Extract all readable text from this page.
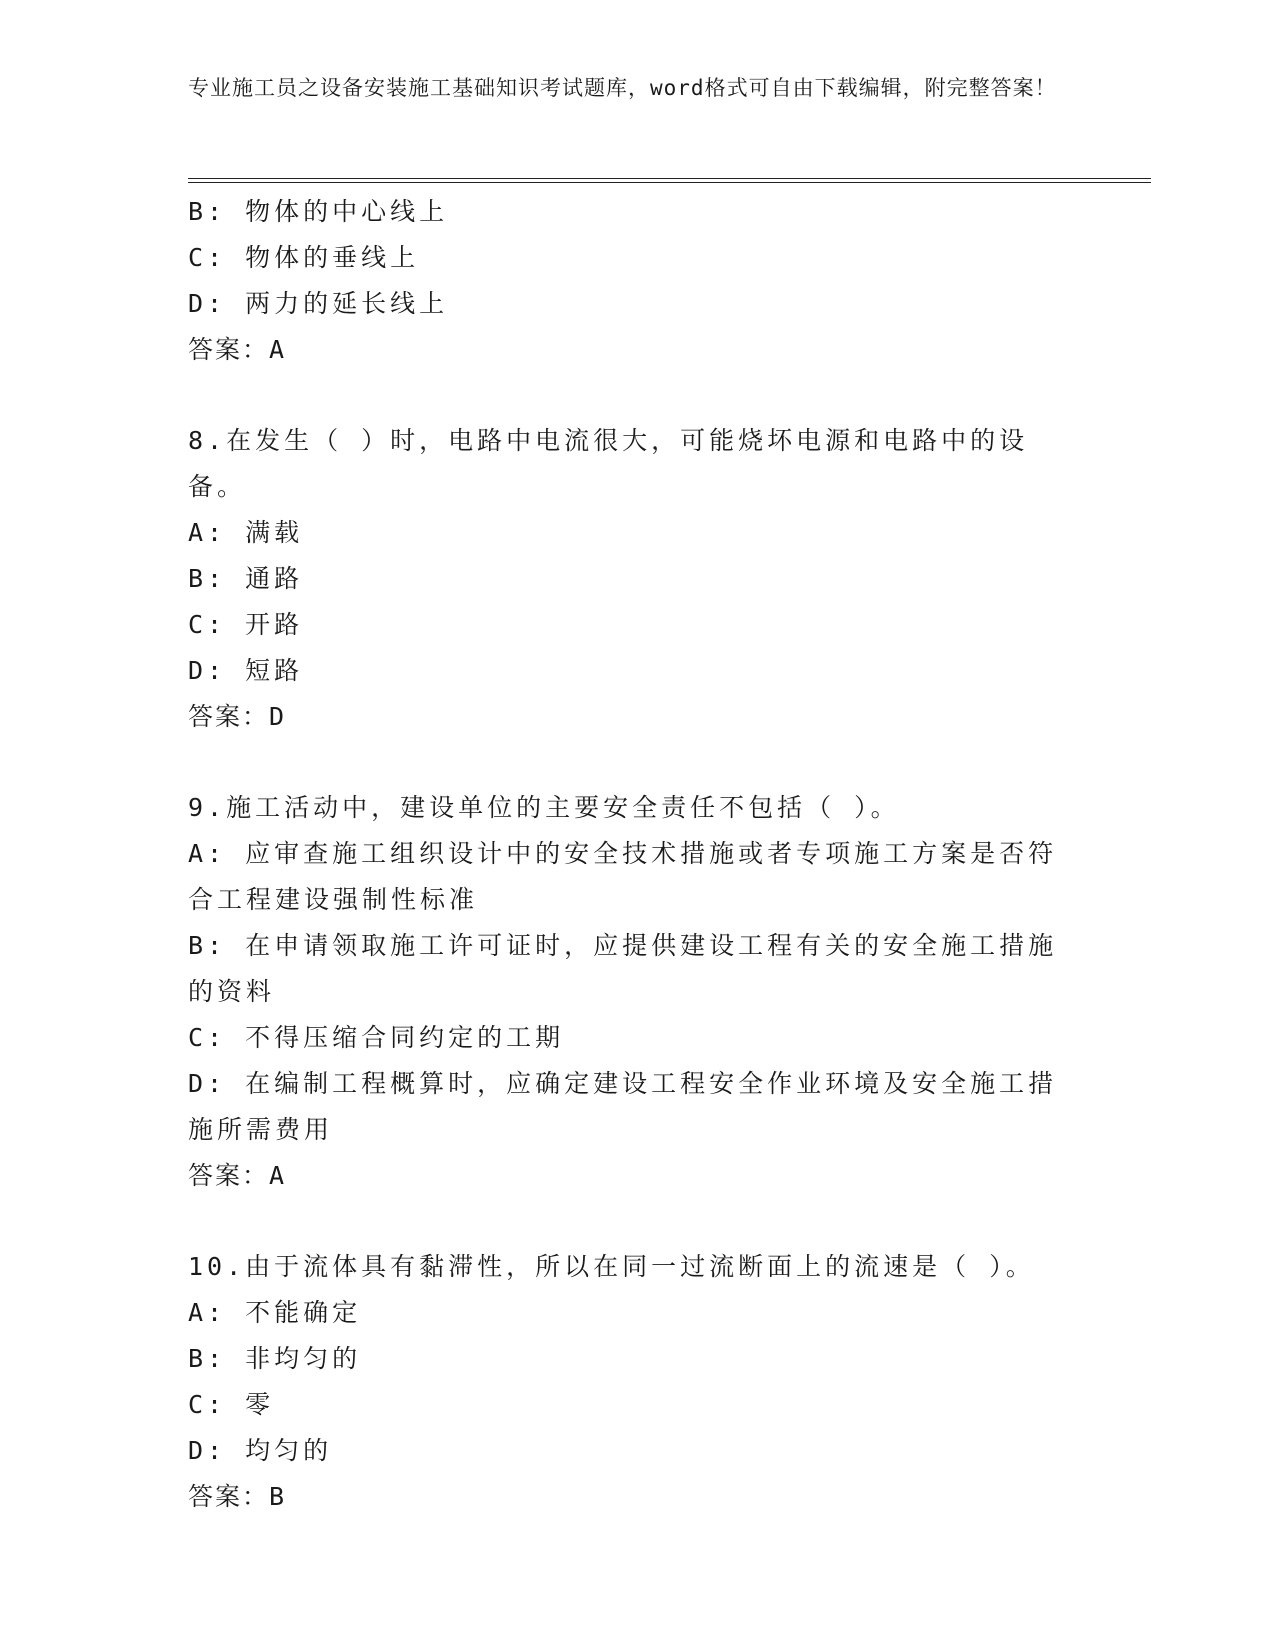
专业施工员之设备安装施工基础知识考试题库，word格式可自由下载编辑，附完整答案！
B: 物体的中心线上
C: 物体的垂线上
D: 两力的延长线上
答案：A
8.在发生（ ）时，电路中电流很大，可能烧坏电源和电路中的设备。
A: 满载
B: 通路
C: 开路
D: 短路
答案：D
9.施工活动中，建设单位的主要安全责任不包括（ ）。
A: 应审查施工组织设计中的安全技术措施或者专项施工方案是否符合工程建设强制性标准
B: 在申请领取施工许可证时，应提供建设工程有关的安全施工措施的资料
C: 不得压缩合同约定的工期
D: 在编制工程概算时，应确定建设工程安全作业环境及安全施工措施所需费用
答案：A
10.由于流体具有黏滞性，所以在同一过流断面上的流速是（ ）。
A: 不能确定
B: 非均匀的
C: 零
D: 均匀的
答案：B
